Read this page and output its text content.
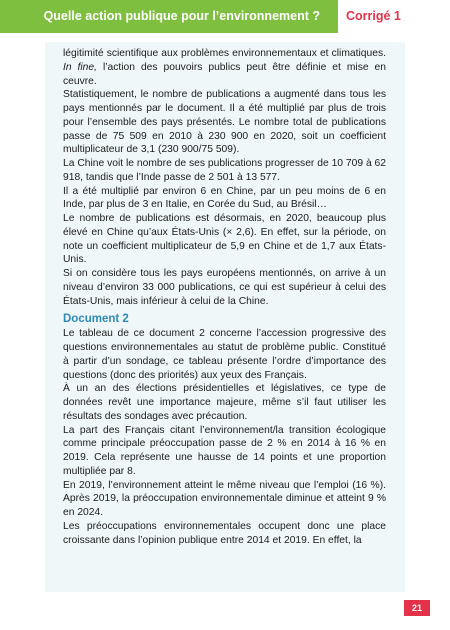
Quelle action publique pour l’environnement ? Corrigé 1

légitimité scientifique aux problèmes environnementaux et climatiques. In fine, l’action des pouvoirs publics peut être définie et mise en ceuvre.

Statistiquement, le nombre de publications a augmenté dans tous les pays mentionnés par le document. Il a été multiplié par plus de trois pour l’ensemble des pays présentés. Le nombre total de publications passe de 75 509 en 2010 à 230 900 en 2020, soit un coefficient multiplicateur de 3,1 (230 900/75 509).

La Chine voit le nombre de ses publications progresser de 10 709 à 62 918, tandis que l’Inde passe de 2 501 à 13 577.

Il a été multiplié par environ 6 en Chine, par un peu moins de 6 en Inde, par plus de 3 en Italie, en Corée du Sud, au Brésil…

Le nombre de publications est désormais, en 2020, beaucoup plus élevé en Chine qu’aux États-Unis (× 2,6). En effet, sur la période, on note un coefficient multiplicateur de 5,9 en Chine et de 1,7 aux États-Unis.

Si on considère tous les pays européens mentionnés, on arrive à un niveau d’environ 33 000 publications, ce qui est supérieur à celui des États-Unis, mais inférieur à celui de la Chine.

Document 2

Le tableau de ce document 2 concerne l’accession progressive des questions environnementales au statut de problème public. Constitué à partir d’un sondage, ce tableau présente l’ordre d’importance des questions (donc des priorités) aux yeux des Français.

À un an des élections présidentielles et législatives, ce type de données revêt une importance majeure, même s’il faut utiliser les résultats des sondages avec précaution.

La part des Français citant l’environnement/la transition écologique comme principale préoccupation passe de 2 % en 2014 à 16 % en 2019. Cela représente une hausse de 14 points et une proportion multipliée par 8.

En 2019, l’environnement atteint le même niveau que l’emploi (16 %). Après 2019, la préoccupation environnementale diminue et atteint 9 % en 2024.

Les préoccupations environnementales occupent donc une place croissante dans l’opinion publique entre 2014 et 2019. En effet, la

21
